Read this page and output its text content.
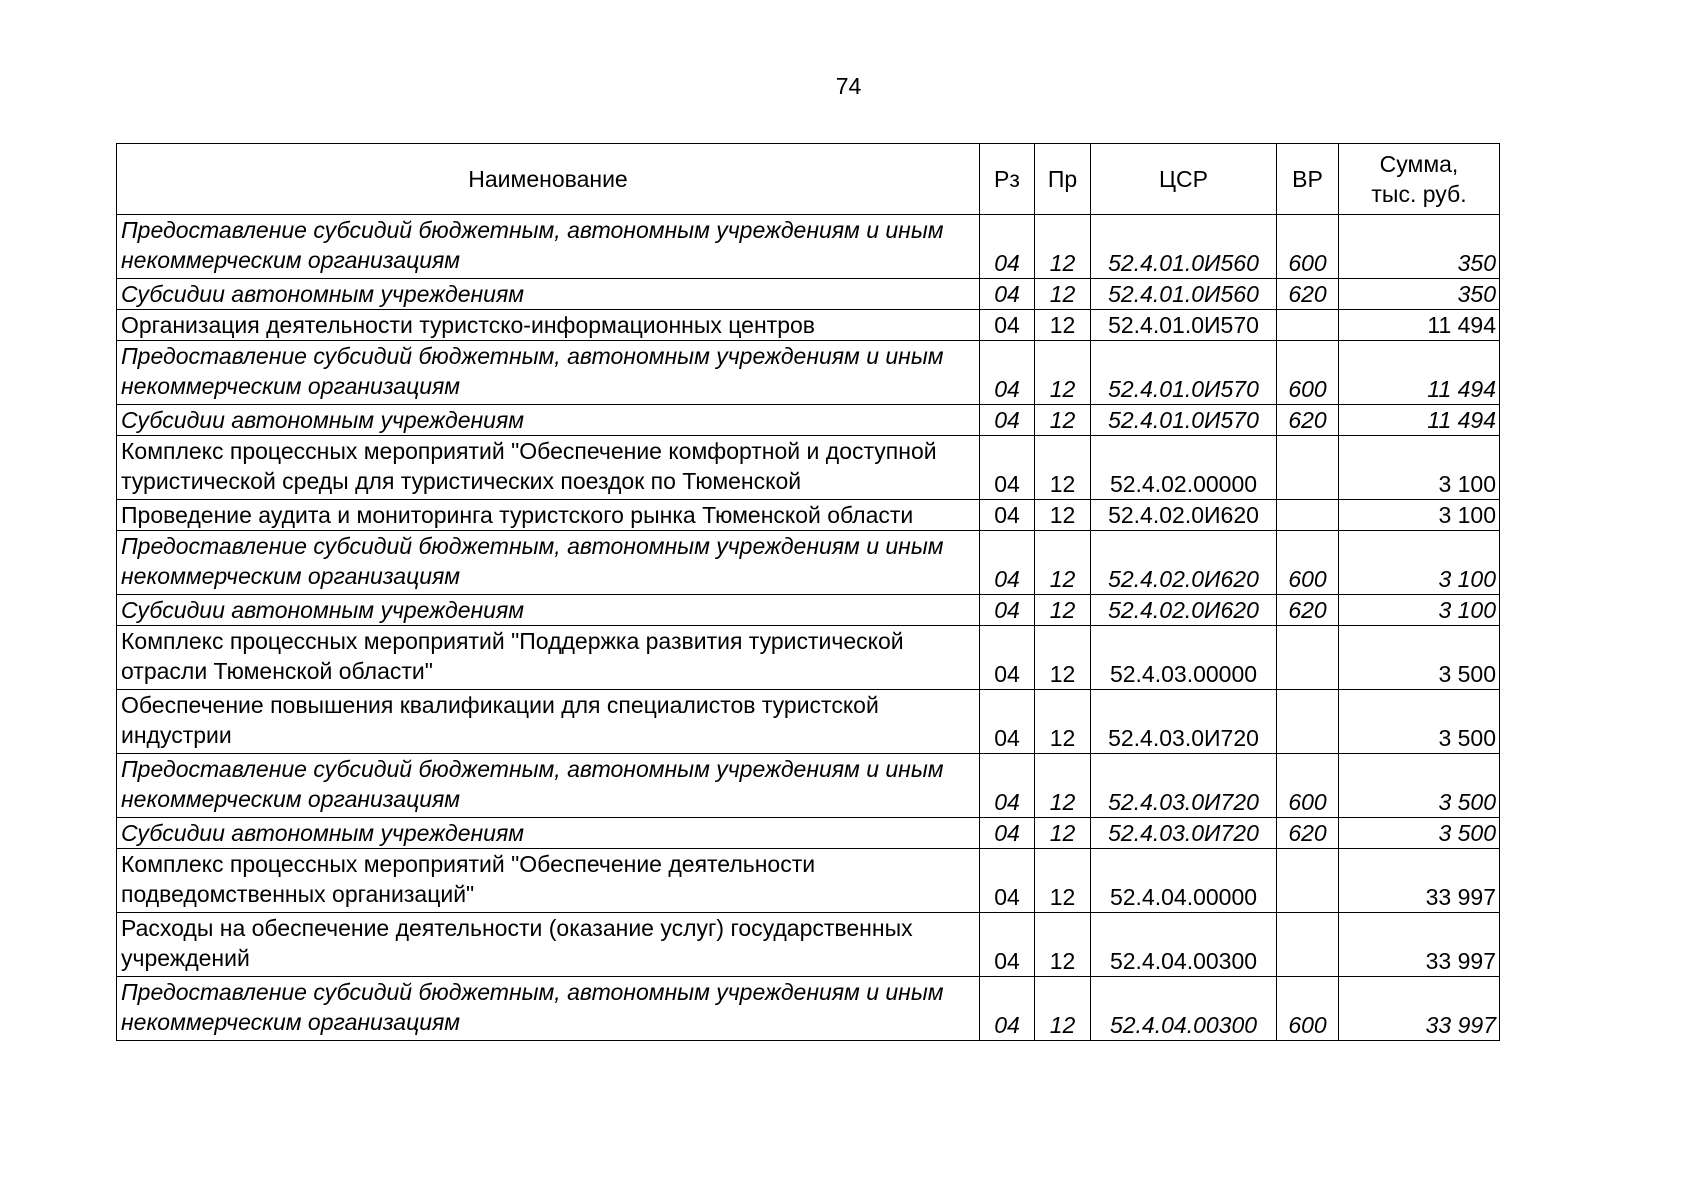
74
Наименование	Рз	Пр	ЦСР	ВР	Сумма,
тыс. руб.

Предоставление субсидий бюджетным, автономным учреждениям и иным некоммерческим организациям	04	12	52.4.01.0И560	600	350
Субсидии автономным учреждениям	04	12	52.4.01.0И560	620	350
Организация деятельности туристско-информационных центров	04	12	52.4.01.0И570		11 494
Предоставление субсидий бюджетным, автономным учреждениям и иным некоммерческим организациям	04	12	52.4.01.0И570	600	11 494
Субсидии автономным учреждениям	04	12	52.4.01.0И570	620	11 494
Комплекс процессных мероприятий "Обеспечение комфортной и доступной туристической среды для туристических поездок по Тюменской	04	12	52.4.02.00000		3 100
Проведение аудита и мониторинга туристского рынка Тюменской области	04	12	52.4.02.0И620		3 100
Предоставление субсидий бюджетным, автономным учреждениям и иным некоммерческим организациям	04	12	52.4.02.0И620	600	3 100
Субсидии автономным учреждениям	04	12	52.4.02.0И620	620	3 100
Комплекс процессных мероприятий "Поддержка развития туристической отрасли Тюменской области"	04	12	52.4.03.00000		3 500
Обеспечение повышения квалификации для специалистов туристской индустрии	04	12	52.4.03.0И720		3 500
Предоставление субсидий бюджетным, автономным учреждениям и иным некоммерческим организациям	04	12	52.4.03.0И720	600	3 500
Субсидии автономным учреждениям	04	12	52.4.03.0И720	620	3 500
Комплекс процессных мероприятий "Обеспечение деятельности подведомственных организаций"	04	12	52.4.04.00000		33 997
Расходы на обеспечение деятельности (оказание услуг) государственных учреждений	04	12	52.4.04.00300		33 997
Предоставление субсидий бюджетным, автономным учреждениям и иным некоммерческим организациям	04	12	52.4.04.00300	600	33 997
